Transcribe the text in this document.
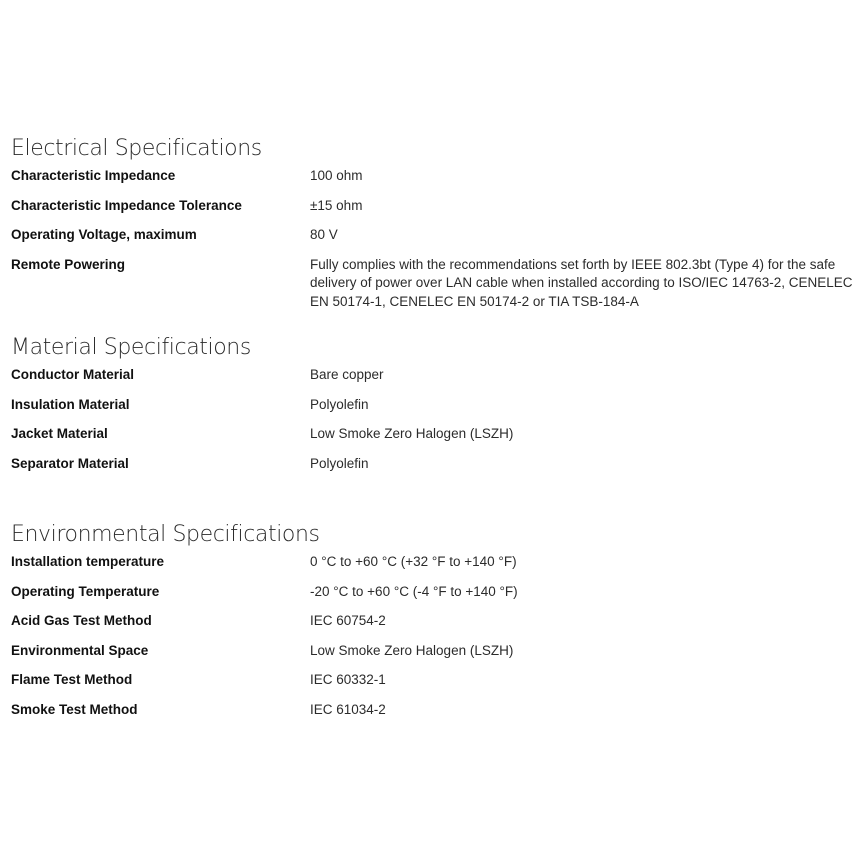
Electrical Specifications
Characteristic Impedance	100 ohm
Characteristic Impedance Tolerance	±15 ohm
Operating Voltage, maximum	80 V
Remote Powering	Fully complies with the recommendations set forth by IEEE 802.3bt (Type 4) for the safe delivery of power over LAN cable when installed according to ISO/IEC 14763-2, CENELEC EN 50174-1, CENELEC EN 50174-2 or TIA TSB-184-A
Material Specifications
Conductor Material	Bare copper
Insulation Material	Polyolefin
Jacket Material	Low Smoke Zero Halogen (LSZH)
Separator Material	Polyolefin
Environmental Specifications
Installation temperature	0 °C to +60 °C (+32 °F to +140 °F)
Operating Temperature	-20 °C to +60 °C (-4 °F to +140 °F)
Acid Gas Test Method	IEC 60754-2
Environmental Space	Low Smoke Zero Halogen (LSZH)
Flame Test Method	IEC 60332-1
Smoke Test Method	IEC 61034-2
